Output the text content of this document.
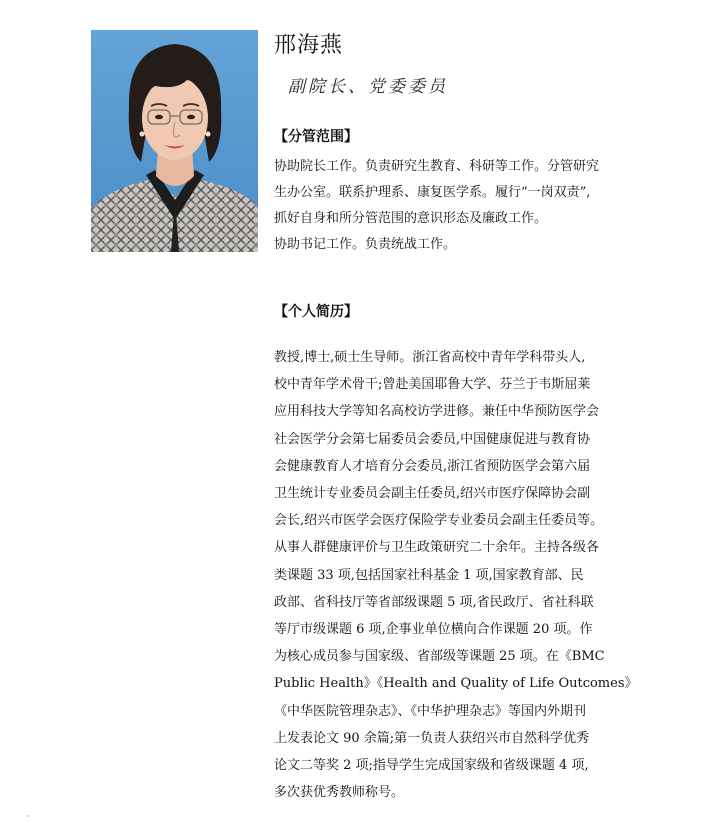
邢海燕
副院长、党委委员
【分管范围】

协助院长工作。负责研究生教育、科研等工作。分管研究

生办公室。联系护理系、康复医学系。履行“一岗双责”,

抓好自身和所分管范围的意识形态及廉政工作。

协助书记工作。负责统战工作。

【个人简历】

教授,博士,硕士生导师。浙江省高校中青年学科带头人,

校中青年学术骨干;曾赴美国耶鲁大学、芬兰于韦斯屈莱

应用科技大学等知名高校访学进修。兼任中华预防医学会

社会医学分会第七届委员会委员,中国健康促进与教育协

会健康教育人才培育分会委员,浙江省预防医学会第六届

卫生统计专业委员会副主任委员,绍兴市医疗保障协会副

会长,绍兴市医学会医疗保险学专业委员会副主任委员等。

从事人群健康评价与卫生政策研究二十余年。主持各级各

类课题 33 项,包括国家社科基金 1 项,国家教育部、民

政部、省科技厅等省部级课题 5 项,省民政厅、省社科联

等厅市级课题 6 项,企事业单位横向合作课题 20 项。作

为核心成员参与国家级、省部级等课题 25 项。在《BMC

Public Health》《Health and Quality of Life Outcomes》

《中华医院管理杂志》、《中华护理杂志》等国内外期刊

上发表论文 90 余篇;第一负责人获绍兴市自然科学优秀

论文二等奖 2 项;指导学生完成国家级和省级课题 4 项,

多次获优秀教师称号。

··
